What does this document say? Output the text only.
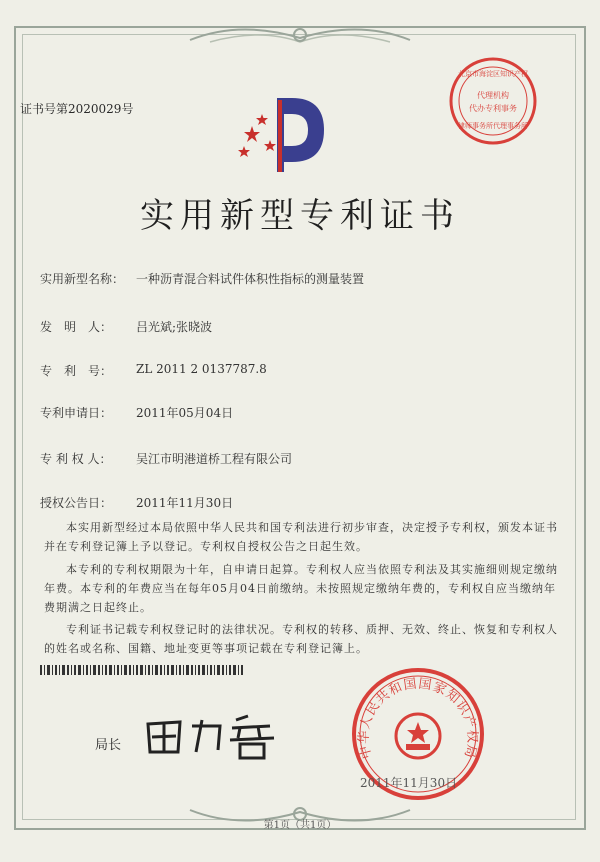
北京市海淀区知识产权
律师事务所代理事务所
代理机构
代办专利事务
证书号第2020029号
实用新型专利证书
实用新型名称： 一种沥青混合料试件体积性指标的测量装置
发　明　人： 吕光斌;张晓波
专　利　号： ZL 2011 2 0137787.8
专利申请日： 2011年05月04日
专 利 权 人： 吴江市明港道桥工程有限公司
授权公告日： 2011年11月30日
本实用新型经过本局依照中华人民共和国专利法进行初步审查，决定授予专利权，颁发本证书并在专利登记簿上予以登记。专利权自授权公告之日起生效。
本专利的专利权期限为十年，自申请日起算。专利权人应当依照专利法及其实施细则规定缴纳年费。本专利的年费应当在每年05月04日前缴纳。未按照规定缴纳年费的，专利权自应当缴纳年费期满之日起终止。
专利证书记载专利权登记时的法律状况。专利权的转移、质押、无效、终止、恢复和专利权人的姓名或名称、国籍、地址变更等事项记载在专利登记簿上。
局长	中华人民共和国国家知识产权局
2011年11月30日
第1页（共1页）
